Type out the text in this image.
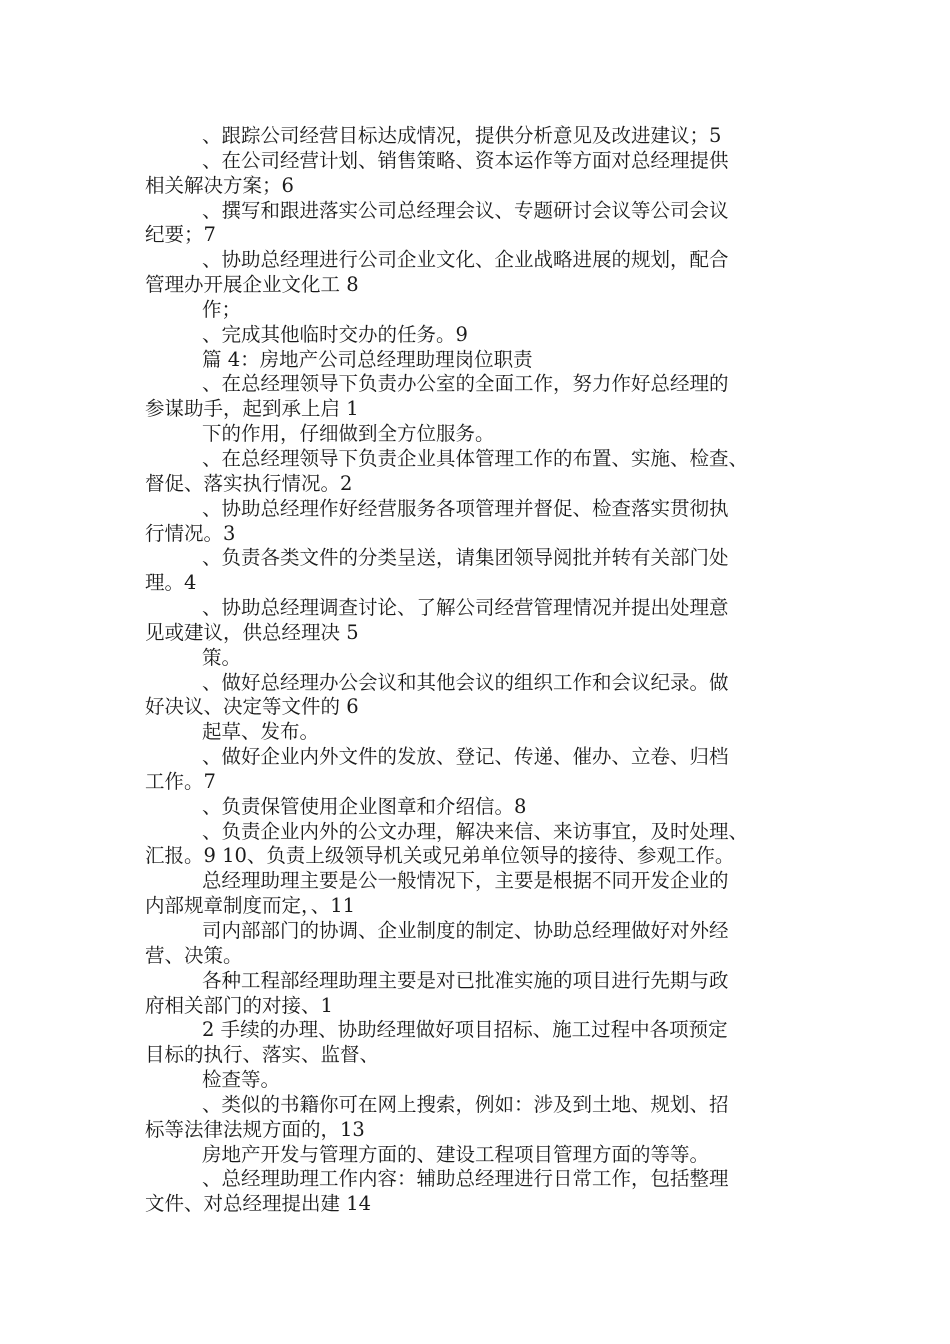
、跟踪公司经营目标达成情况，提供分析意见及改进建议；5
、在公司经营计划、销售策略、资本运作等方面对总经理提供
相关解决方案；6
、撰写和跟进落实公司总经理会议、专题研讨会议等公司会议
纪要；7
、协助总经理进行公司企业文化、企业战略进展的规划，配合
管理办开展企业文化工 8
作；
、完成其他临时交办的任务。9
篇 4：房地产公司总经理助理岗位职责
、在总经理领导下负责办公室的全面工作，努力作好总经理的
参谋助手，起到承上启 1
下的作用，仔细做到全方位服务。
、在总经理领导下负责企业具体管理工作的布置、实施、检查、
督促、落实执行情况。2
、协助总经理作好经营服务各项管理并督促、检查落实贯彻执
行情况。3
、负责各类文件的分类呈送，请集团领导阅批并转有关部门处
理。4
、协助总经理调查讨论、了解公司经营管理情况并提出处理意
见或建议，供总经理决 5
策。
、做好总经理办公会议和其他会议的组织工作和会议纪录。做
好决议、决定等文件的 6
起草、发布。
、做好企业内外文件的发放、登记、传递、催办、立卷、归档
工作。7
、负责保管使用企业图章和介绍信。8
、负责企业内外的公文办理，解决来信、来访事宜，及时处理、
汇报。9 10、负责上级领导机关或兄弟单位领导的接待、参观工作。
总经理助理主要是公一般情况下，主要是根据不同开发企业的
内部规章制度而定，、11
司内部部门的协调、企业制度的制定、协助总经理做好对外经
营、决策。
各种工程部经理助理主要是对已批准实施的项目进行先期与政
府相关部门的对接、1
2 手续的办理、协助经理做好项目招标、施工过程中各项预定
目标的执行、落实、监督、
检查等。
、类似的书籍你可在网上搜索，例如：涉及到土地、规划、招
标等法律法规方面的，13
房地产开发与管理方面的、建设工程项目管理方面的等等。
、总经理助理工作内容：辅助总经理进行日常工作，包括整理
文件、对总经理提出建 14
